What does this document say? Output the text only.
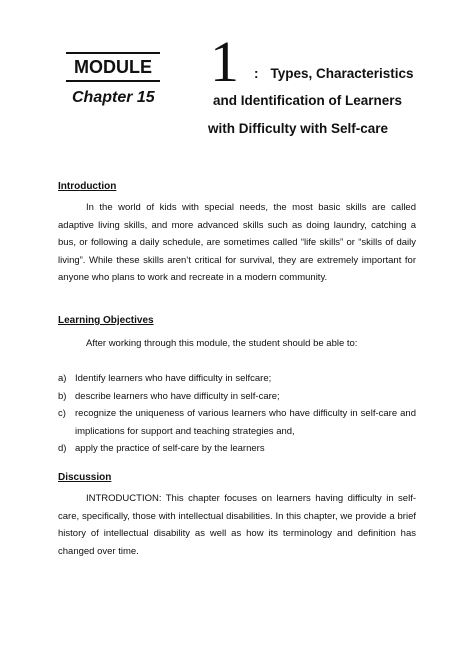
MODULE
Chapter 15
1 : Types, Characteristics
and Identification of Learners
with Difficulty with Self-care
Introduction

In the world of kids with special needs, the most basic skills are called adaptive living skills, and more advanced skills such as doing laundry, catching a bus, or following a daily schedule, are sometimes called “life skills” or “skills of daily living”. While these skills aren’t critical for survival, they are extremely important for anyone who plans to work and recreate in a modern community.

Learning Objectives
After working through this module, the student should be able to:
a) Identify learners who have difficulty in selfcare;
b) describe learners who have difficulty in self-care;
c) recognize the uniqueness of various learners who have difficulty in self-care and implications for support and teaching strategies and,
d) apply the practice of self-care by the learners
Discussion

INTRODUCTION: This chapter focuses on learners having difficulty in self-care, specifically, those with intellectual disabilities. In this chapter, we provide a brief history of intellectual disability as well as how its terminology and definition has changed over time.
